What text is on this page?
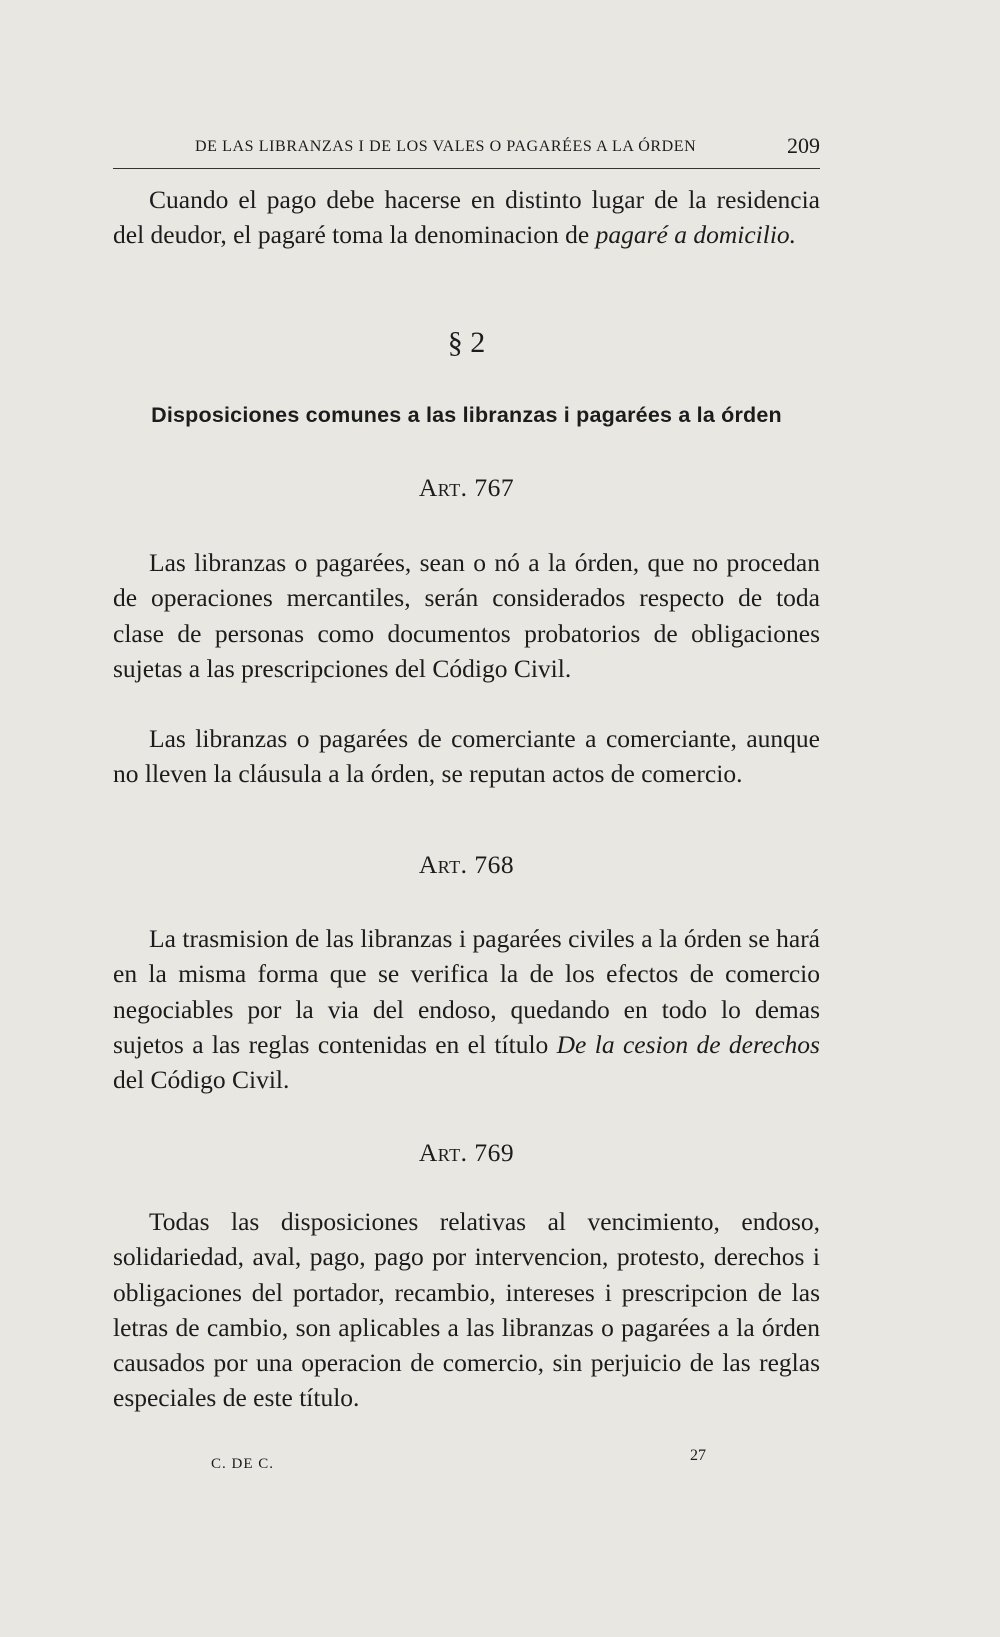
DE LAS LIBRANZAS I DE LOS VALES O PAGARÉES A LA ÓRDEN	209

Cuando el pago debe hacerse en distinto lugar de la residencia del deudor, el pagaré toma la denominacion de pagaré a domicilio.

§ 2
Disposiciones comunes a las libranzas i pagarées a la órden
Art. 767

Las libranzas o pagarées, sean o nó a la órden, que no procedan de operaciones mercantiles, serán considerados respecto de toda clase de personas como documentos probatorios de obligaciones sujetas a las prescripciones del Código Civil.

Las libranzas o pagarées de comerciante a comerciante, aunque no lleven la cláusula a la órden, se reputan actos de comercio.

Art. 768

La trasmision de las libranzas i pagarées civiles a la órden se hará en la misma forma que se verifica la de los efectos de comercio negociables por la via del endoso, quedando en todo lo demas sujetos a las reglas contenidas en el título De la cesion de derechos del Código Civil.

Art. 769

Todas las disposiciones relativas al vencimiento, endoso, solidariedad, aval, pago, pago por intervencion, protesto, derechos i obligaciones del portador, recambio, intereses i prescripcion de las letras de cambio, son aplicables a las libranzas o pagarées a la órden causados por una operacion de comercio, sin perjuicio de las reglas especiales de este título.

C. DE C.	27
